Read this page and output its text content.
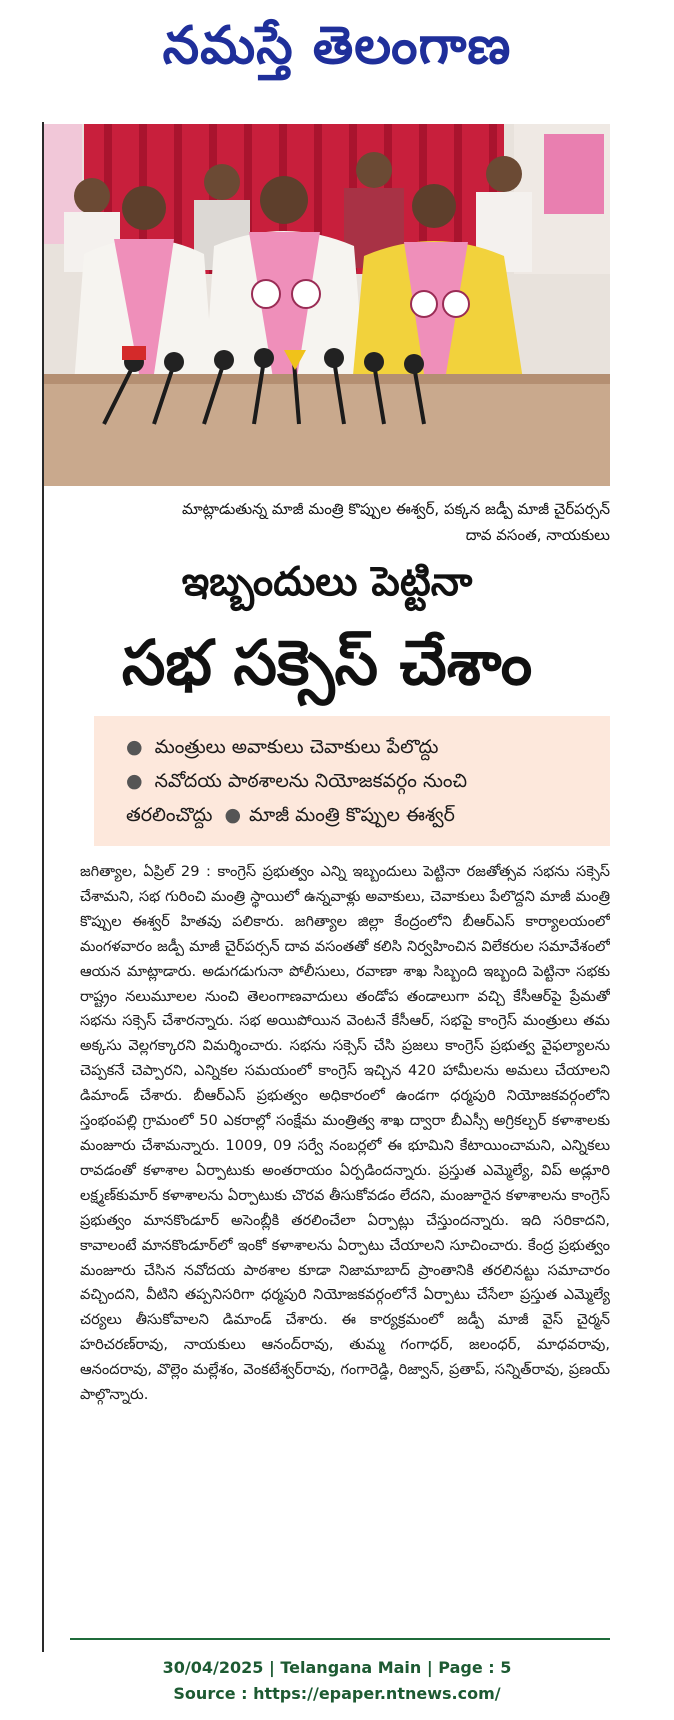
నమస్తే తెలంగాణ
మాట్లాడుతున్న మాజీ మంత్రి కొప్పుల ఈశ్వర్, పక్కన జడ్పీ మాజీ చైర్‌పర్సన్
దావ వసంత, నాయకులు
ఇబ్బందులు పెట్టినా
సభ సక్సెస్ చేశాం
● మంత్రులు అవాకులు చెవాకులు పేలొద్దు
● నవోదయ పాఠశాలను నియోజకవర్గం నుంచి
తరలించొద్దు ● మాజీ మంత్రి కొప్పుల ఈశ్వర్
జగిత్యాల, ఏప్రిల్ 29 : కాంగ్రెస్ ప్రభుత్వం ఎన్ని ఇబ్బందులు పెట్టినా రజతోత్సవ సభను సక్సెస్ చేశామని, సభ గురించి మంత్రి స్థాయిలో ఉన్నవాళ్లు అవాకులు, చెవాకులు పేలొద్దని మాజీ మంత్రి కొప్పుల ఈశ్వర్ హితవు పలికారు. జగిత్యాల జిల్లా కేంద్రంలోని బీఆర్ఎస్ కార్యాలయంలో మంగళవారం జడ్పీ మాజీ చైర్‌పర్సన్ దావ వసంతతో కలిసి నిర్వహించిన విలేకరుల సమావేశంలో ఆయన మాట్లాడారు. అడుగడుగునా పోలీసులు, రవాణా శాఖ సిబ్బంది ఇబ్బంది పెట్టినా సభకు రాష్ట్రం నలుమూలల నుంచి తెలంగాణవాదులు తండోప తండాలుగా వచ్చి కేసీఆర్‌పై ప్రేమతో సభను సక్సెస్ చేశారన్నారు. సభ అయిపోయిన వెంటనే కేసీఆర్, సభపై కాంగ్రెస్ మంత్రులు తమ అక్కసు వెల్లగక్కారని విమర్శించారు. సభను సక్సెస్ చేసి ప్రజలు కాంగ్రెస్ ప్రభుత్వ వైఫల్యాలను చెప్పకనే చెప్పారని, ఎన్నికల సమయంలో కాంగ్రెస్ ఇచ్చిన 420 హామీలను అమలు చేయాలని డిమాండ్ చేశారు. బీఆర్ఎస్ ప్రభుత్వం అధికారంలో ఉండగా ధర్మపురి నియోజకవర్గంలోని స్తంభంపల్లి గ్రామంలో 50 ఎకరాల్లో సంక్షేమ మంత్రిత్వ శాఖ ద్వారా బీఎస్సీ అగ్రికల్చర్ కళాశాలకు మంజూరు చేశామన్నారు. 1009, 09 సర్వే నంబర్లలో ఈ భూమిని కేటాయించామని, ఎన్నికలు రావడంతో కళాశాల ఏర్పాటుకు అంతరాయం ఏర్పడిందన్నారు. ప్రస్తుత ఎమ్మెల్యే, విప్ అడ్లూరి లక్ష్మణ్‌కుమార్ కళాశాలను ఏర్పాటుకు చొరవ తీసుకోవడం లేదని, మంజూరైన కళాశాలను కాంగ్రెస్ ప్రభుత్వం మానకొండూర్ అసెంబ్లీకి తరలించేలా ఏర్పాట్లు చేస్తుందన్నారు. ఇది సరికాదని, కావాలంటే మానకొండూర్‌లో ఇంకో కళాశాలను ఏర్పాటు చేయాలని సూచించారు. కేంద్ర ప్రభుత్వం మంజూరు చేసిన నవోదయ పాఠశాల కూడా నిజామాబాద్ ప్రాంతానికి తరలినట్టు సమాచారం వచ్చిందని, వీటిని తప్పనిసరిగా ధర్మపురి నియోజకవర్గంలోనే ఏర్పాటు చేసేలా ప్రస్తుత ఎమ్మెల్యే చర్యలు తీసుకోవాలని డిమాండ్ చేశారు. ఈ కార్యక్రమంలో జడ్పీ మాజీ వైస్ చైర్మన్ హరిచరణ్‌రావు, నాయకులు ఆనంద్‌రావు, తుమ్మ గంగాధర్, జలంధర్, మాధవరావు, ఆనందరావు, వొల్లెం మల్లేశం, వెంకటేశ్వర్‌రావు, గంగారెడ్డి, రిజ్వాన్, ప్రతాప్, సన్నిత్‌రావు, ప్రణయ్ పాల్గొన్నారు.
30/04/2025 | Telangana Main | Page : 5
Source : https://epaper.ntnews.com/
